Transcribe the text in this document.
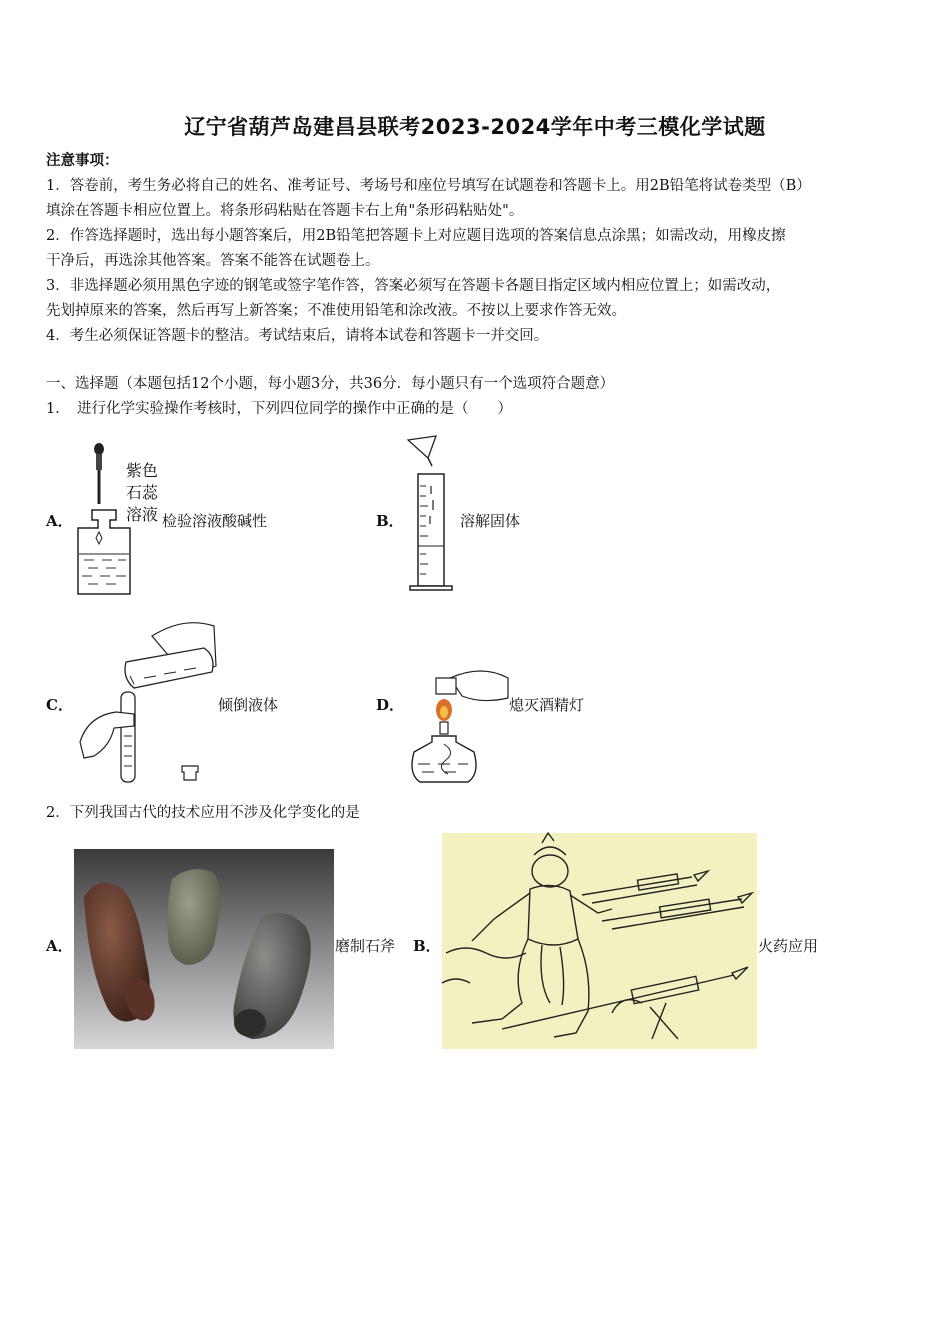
辽宁省葫芦岛建昌县联考2023-2024学年中考三模化学试题
注意事项：
1．答卷前，考生务必将自己的姓名、准考证号、考场号和座位号填写在试题卷和答题卡上。用2B铅笔将试卷类型（B）
填涂在答题卡相应位置上。将条形码粘贴在答题卡右上角"条形码粘贴处"。
2．作答选择题时，选出每小题答案后，用2B铅笔把答题卡上对应题目选项的答案信息点涂黑；如需改动，用橡皮擦
干净后，再选涂其他答案。答案不能答在试题卷上。
3．非选择题必须用黑色字迹的钢笔或签字笔作答，答案必须写在答题卡各题目指定区域内相应位置上；如需改动，
先划掉原来的答案，然后再写上新答案；不准使用铅笔和涂改液。不按以上要求作答无效。
4．考生必须保证答题卡的整洁。考试结束后，请将本试卷和答题卡一并交回。
一、选择题（本题包括12个小题，每小题3分，共36分．每小题只有一个选项符合题意）
1．　进行化学实验操作考核时，下列四位同学的操作中正确的是（　　）
A．
紫色
石蕊
溶液 检验溶液酸碱性	B．	溶解固体
C．	倾倒液体	D．	熄灭酒精灯
2．下列我国古代的技术应用不涉及化学变化的是
A．	磨制石斧 B．	火药应用
